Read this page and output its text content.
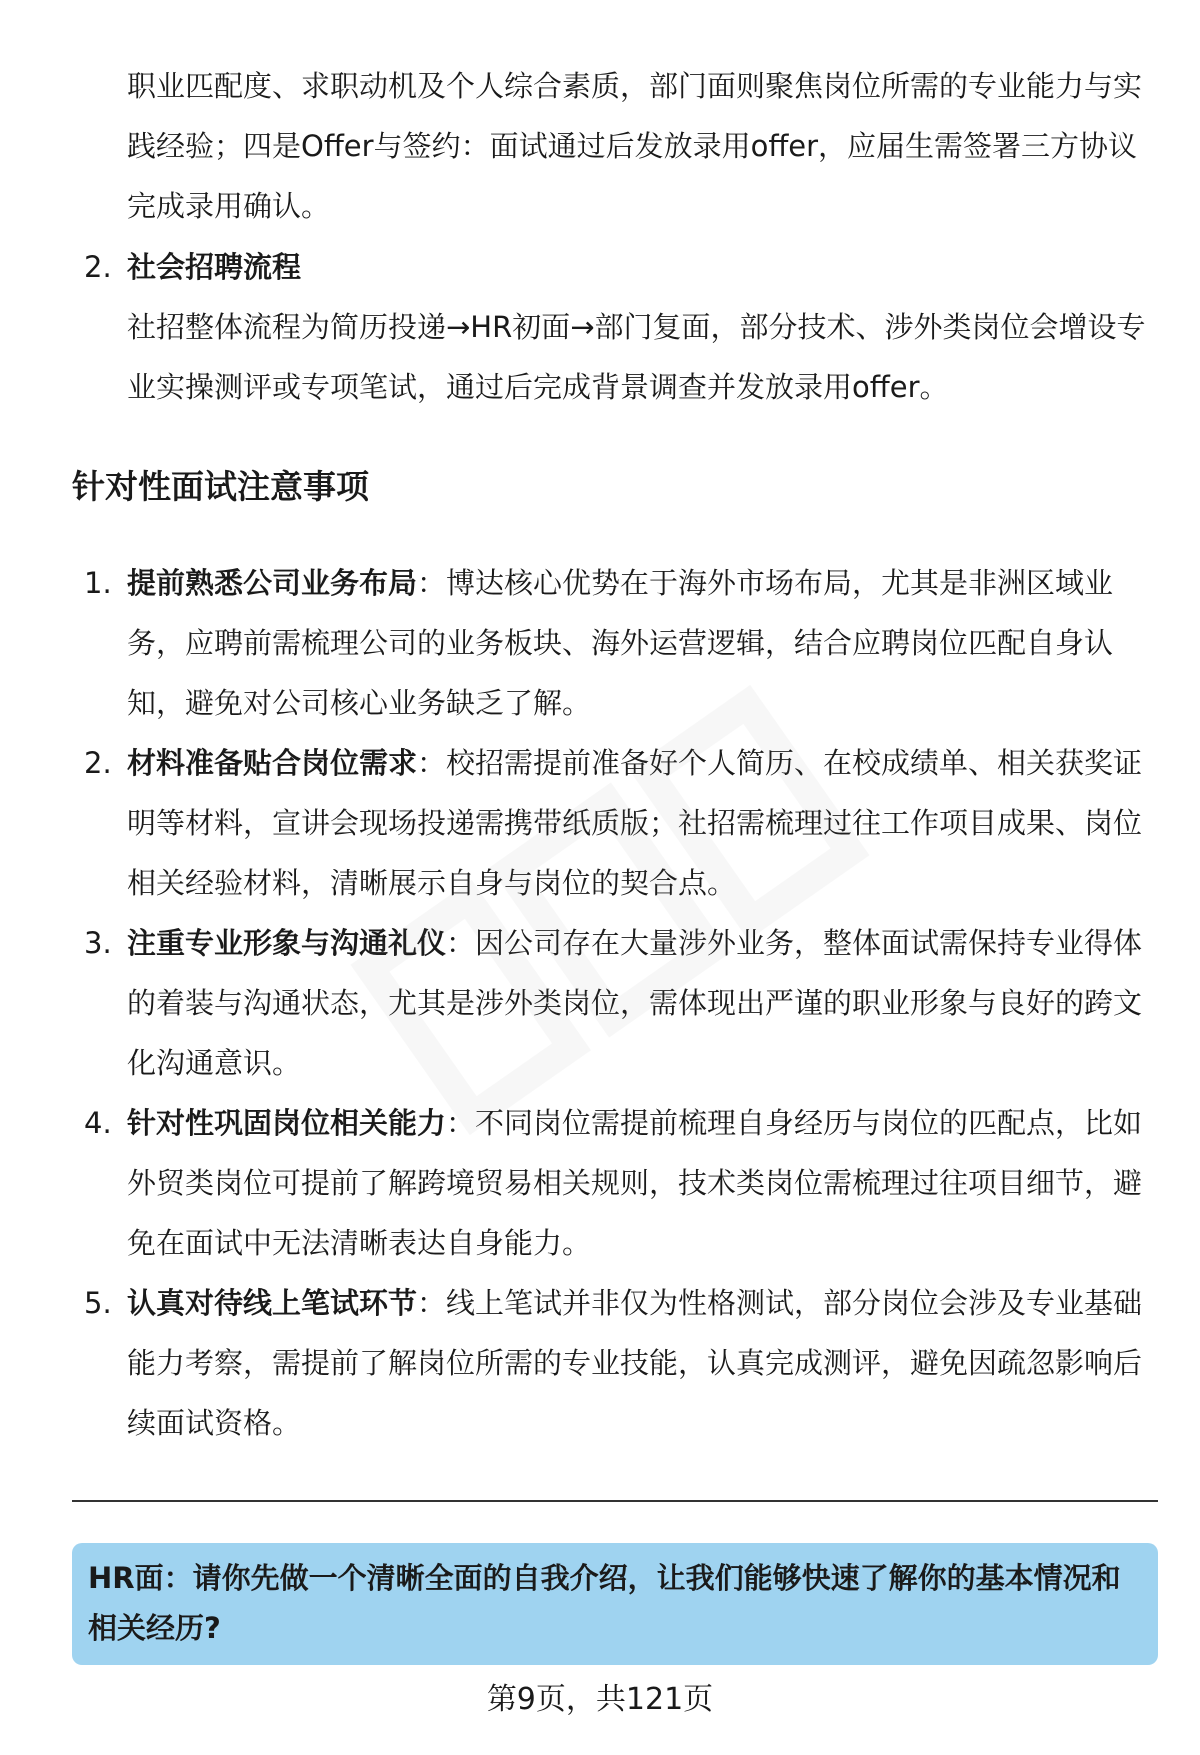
职业匹配度、求职动机及个人综合素质，部门面则聚焦岗位所需的专业能力与实践经验；四是Offer与签约：面试通过后发放录用offer，应届生需签署三方协议完成录用确认。

2. 社会招聘流程

社招整体流程为简历投递→HR初面→部门复面，部分技术、涉外类岗位会增设专业实操测评或专项笔试，通过后完成背景调查并发放录用offer。

针对性面试注意事项
1. 提前熟悉公司业务布局：博达核心优势在于海外市场布局，尤其是非洲区域业务，应聘前需梳理公司的业务板块、海外运营逻辑，结合应聘岗位匹配自身认知，避免对公司核心业务缺乏了解。

2. 材料准备贴合岗位需求：校招需提前准备好个人简历、在校成绩单、相关获奖证明等材料，宣讲会现场投递需携带纸质版；社招需梳理过往工作项目成果、岗位相关经验材料，清晰展示自身与岗位的契合点。

3. 注重专业形象与沟通礼仪：因公司存在大量涉外业务，整体面试需保持专业得体的着装与沟通状态，尤其是涉外类岗位，需体现出严谨的职业形象与良好的跨文化沟通意识。

4. 针对性巩固岗位相关能力：不同岗位需提前梳理自身经历与岗位的匹配点，比如外贸类岗位可提前了解跨境贸易相关规则，技术类岗位需梳理过往项目细节，避免在面试中无法清晰表达自身能力。

5. 认真对待线上笔试环节：线上笔试并非仅为性格测试，部分岗位会涉及专业基础能力考察，需提前了解岗位所需的专业技能，认真完成测评，避免因疏忽影响后续面试资格。

HR面：请你先做一个清晰全面的自我介绍，让我们能够快速了解你的基本情况和相关经历?

第9页，共121页
